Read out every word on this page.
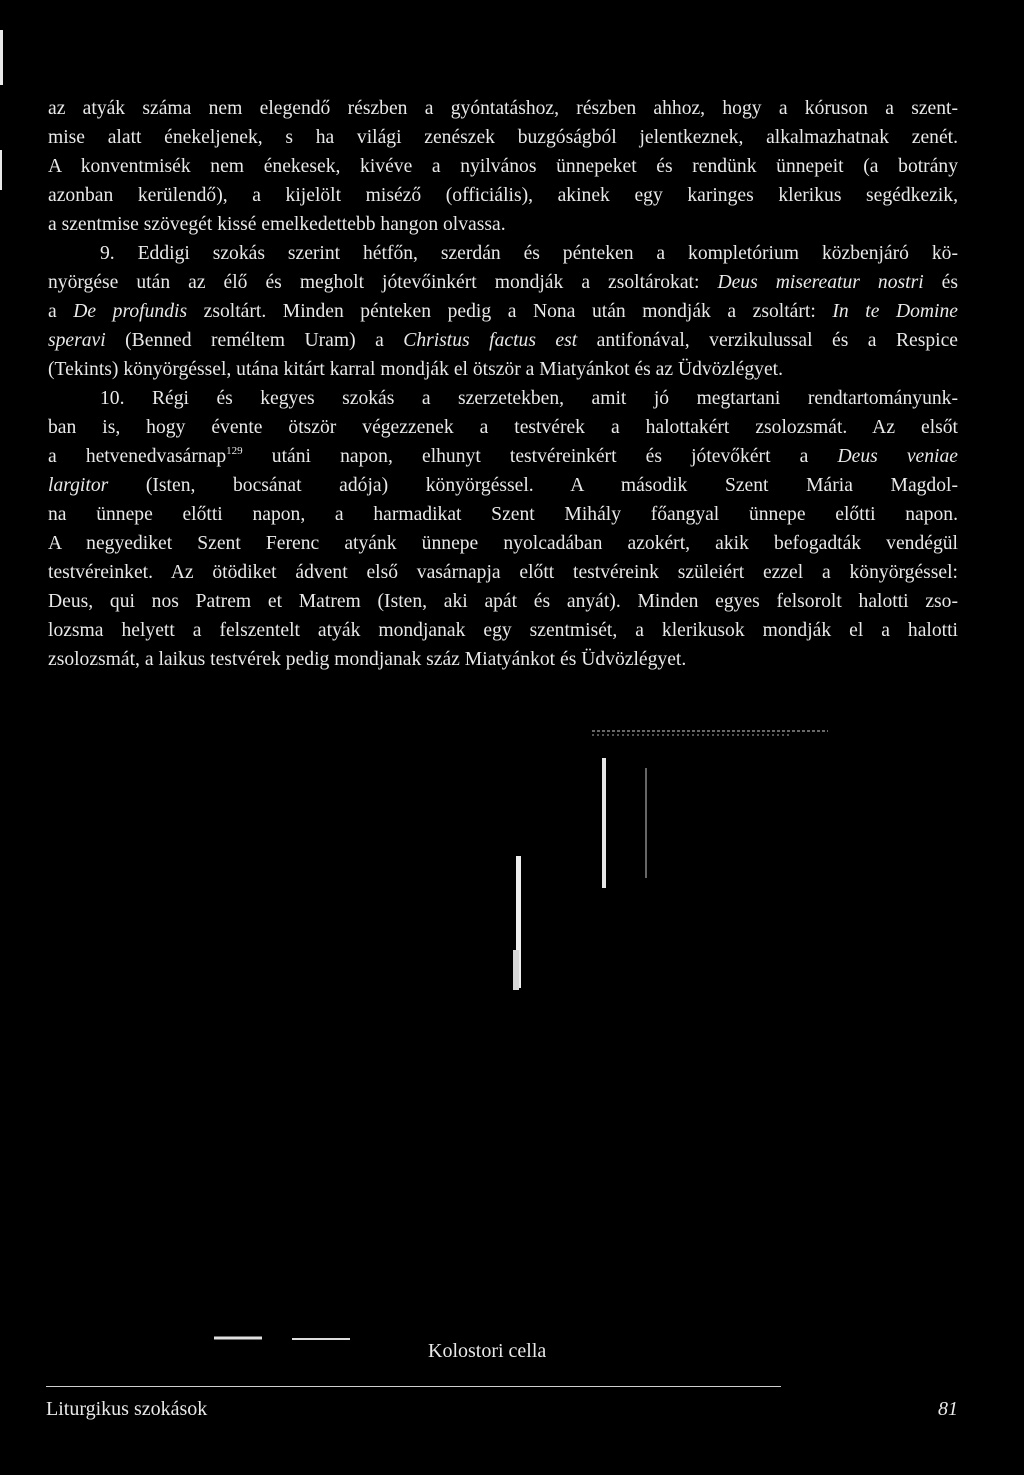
az atyák száma nem elegendő részben a gyóntatáshoz, részben ahhoz, hogy a kóruson a szent-
mise alatt énekeljenek, s ha világi zenészek buzgóságból jelentkeznek, alkalmazhatnak zenét.
A konventmisék nem énekesek, kivéve a nyilvános ünnepeket és rendünk ünnepeit (a botrány
azonban kerülendő), a kijelölt miséző (officiális), akinek egy karinges klerikus segédkezik,
a szentmise szövegét kissé emelkedettebb hangon olvassa.
9. Eddigi szokás szerint hétfőn, szerdán és pénteken a kompletórium közbenjáró kö-
nyörgése után az élő és megholt jótevőinkért mondják a zsoltárokat: Deus misereatur nostri és
a De profundis zsoltárt. Minden pénteken pedig a Nona után mondják a zsoltárt: In te Domine
speravi (Benned reméltem Uram) a Christus factus est antifonával, verzikulussal és a Respice
(Tekints) könyörgéssel, utána kitárt karral mondják el ötször a Miatyánkot és az Üdvözlégyet.
10. Régi és kegyes szokás a szerzetekben, amit jó megtartani rendtartományunk-
ban is, hogy évente ötször végezzenek a testvérek a halottakért zsolozsmát. Az elsőt
a hetvenedvasárnap$^{129}$ utáni napon, elhunyt testvéreinkért és jótevőkért a Deus veniae
largitor (Isten, bocsánat adója) könyörgéssel. A második Szent Mária Magdol-
na ünnepe előtti napon, a harmadikat Szent Mihály főangyal ünnepe előtti napon.
A negyediket Szent Ferenc atyánk ünnepe nyolcadában azokért, akik befogadták vendégül
testvéreinket. Az ötödiket ádvent első vasárnapja előtt testvéreink szüleiért ezzel a könyörgéssel:
Deus, qui nos Patrem et Matrem (Isten, aki apát és anyát). Minden egyes felsorolt halotti zso-
lozsma helyett a felszentelt atyák mondjanak egy szentmisét, a klerikusok mondják el a halotti
zsolozsmát, a laikus testvérek pedig mondjanak száz Miatyánkot és Üdvözlégyet.
Kolostori cella
Liturgikus szokások	81
